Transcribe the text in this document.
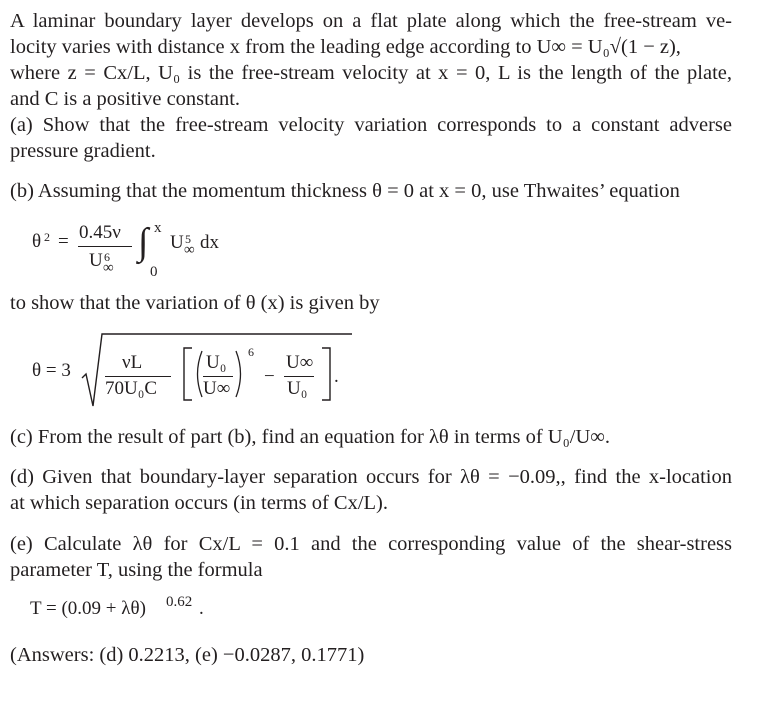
A laminar boundary layer develops on a flat plate along which the free-stream ve-
locity varies with distance x from the leading edge according to U∞ = U₀√(1 − z),
where z = Cx/L, U₀ is the free-stream velocity at x = 0, L is the length of the plate,
and C is a positive constant.
(a) Show that the free-stream velocity variation corresponds to a constant adverse
pressure gradient.
(b) Assuming that the momentum thickness θ = 0 at x = 0, use Thwaites’ equation
θ 2 = 0.45ν
U 6
∞
∫ x
0
U 5
∞ dx
to show that the variation of θ (x) is given by
θ = 3	νL
70U₀C
U₀
U∞
6
−
U∞
U₀
.
(c) From the result of part (b), find an equation for λθ in terms of U₀/U∞.
(d) Given that boundary-layer separation occurs for λθ = −0.09,, find the x-location
at which separation occurs (in terms of Cx/L).
(e) Calculate λθ for Cx/L = 0.1 and the corresponding value of the shear-stress
parameter T, using the formula
T = (0.09 + λθ) 0.62 .
(Answers: (d) 0.2213, (e) −0.0287, 0.1771)
